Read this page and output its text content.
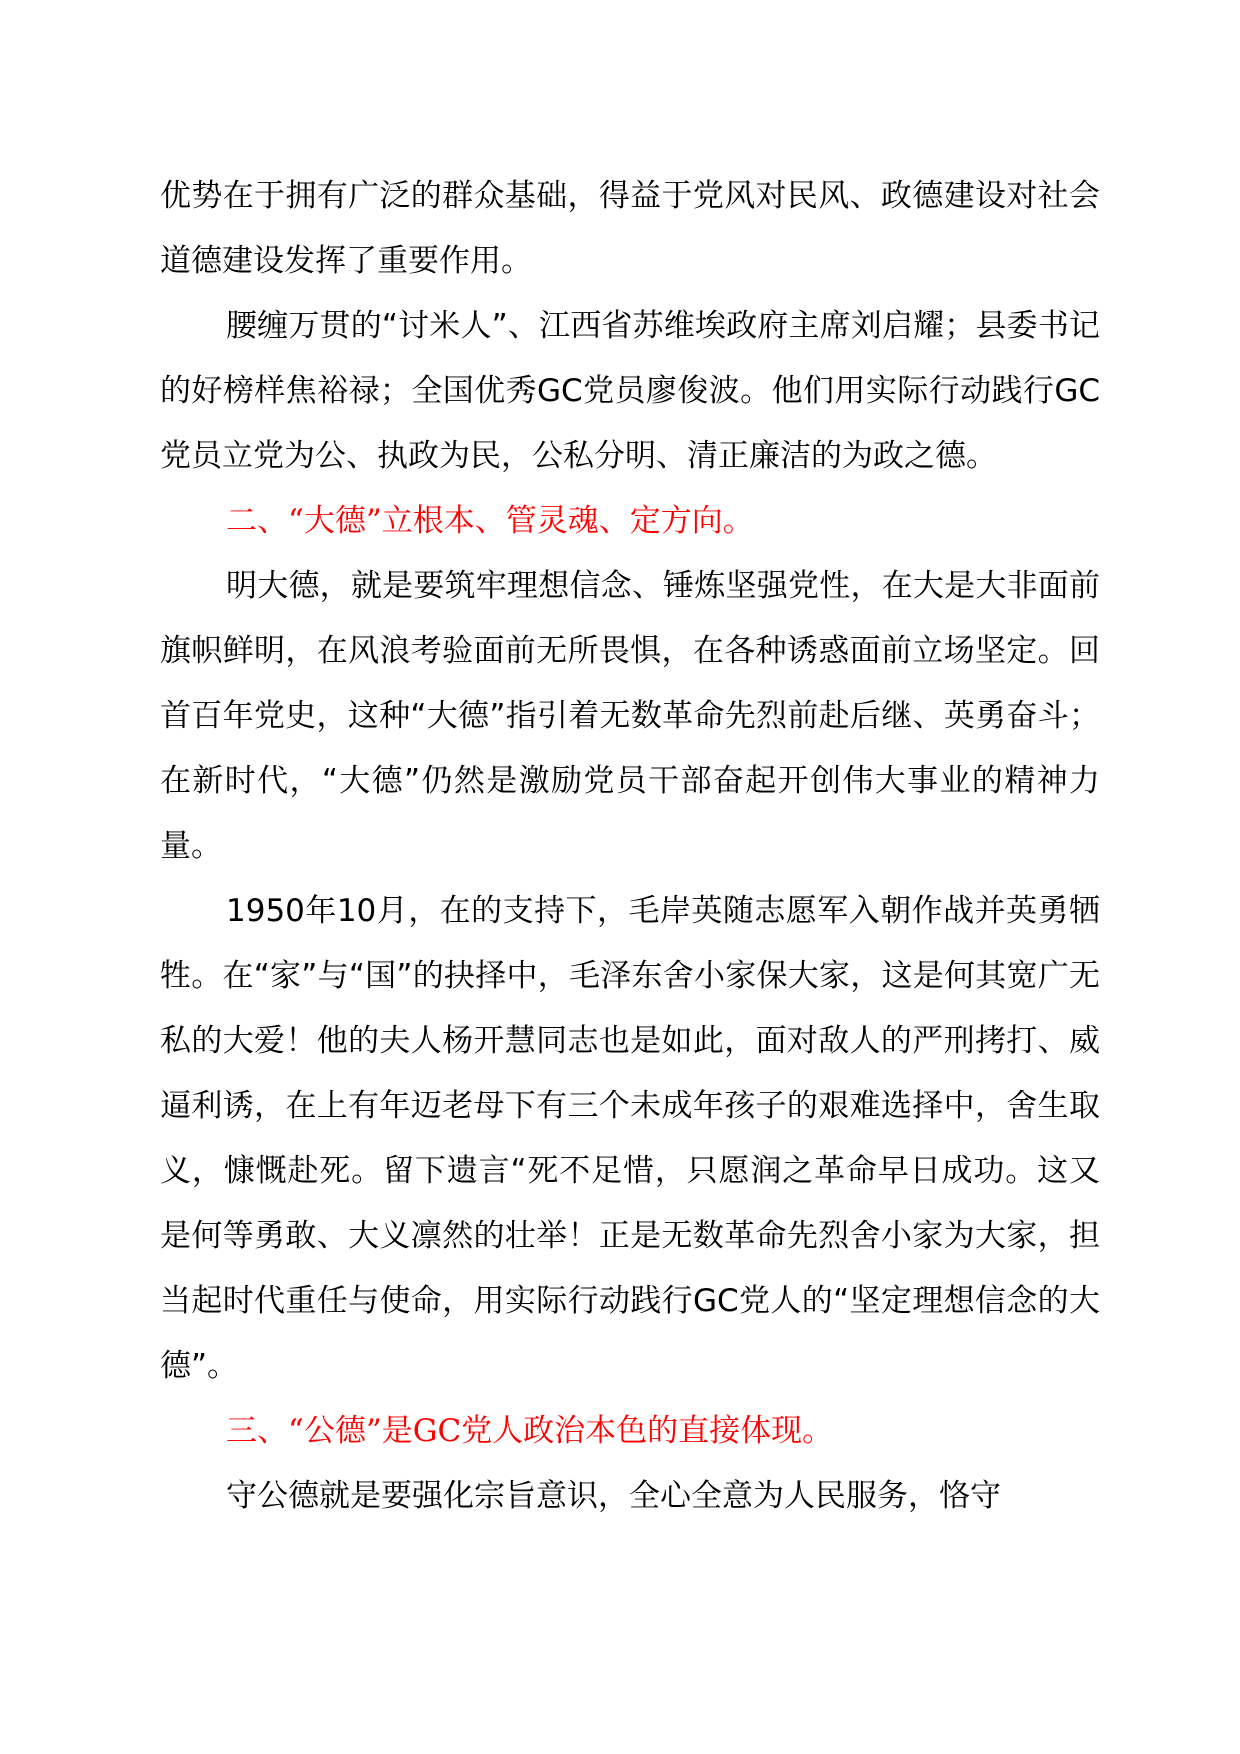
优势在于拥有广泛的群众基础，得益于党风对民风、政德建设对社会道德建设发挥了重要作用。

腰缠万贯的“讨米人”、江西省苏维埃政府主席刘启耀；县委书记的好榜样焦裕禄；全国优秀GC党员廖俊波。他们用实际行动践行GC党员立党为公、执政为民，公私分明、清正廉洁的为政之德。

二、“大德”立根本、管灵魂、定方向。

明大德，就是要筑牢理想信念、锤炼坚强党性，在大是大非面前旗帜鲜明，在风浪考验面前无所畏惧，在各种诱惑面前立场坚定。回首百年党史，这种“大德”指引着无数革命先烈前赴后继、英勇奋斗；在新时代，“大德”仍然是激励党员干部奋起开创伟大事业的精神力量。

1950年10月，在的支持下，毛岸英随志愿军入朝作战并英勇牺牲。在“家”与“国”的抉择中，毛泽东舍小家保大家，这是何其宽广无私的大爱！他的夫人杨开慧同志也是如此，面对敌人的严刑拷打、威逼利诱，在上有年迈老母下有三个未成年孩子的艰难选择中，舍生取义，慷慨赴死。留下遗言“死不足惜，只愿润之革命早日成功。这又是何等勇敢、大义凛然的壮举！正是无数革命先烈舍小家为大家，担当起时代重任与使命，用实际行动践行GC党人的“坚定理想信念的大德”。

三、“公德”是GC党人政治本色的直接体现。

守公德就是要强化宗旨意识，全心全意为人民服务，恪守
